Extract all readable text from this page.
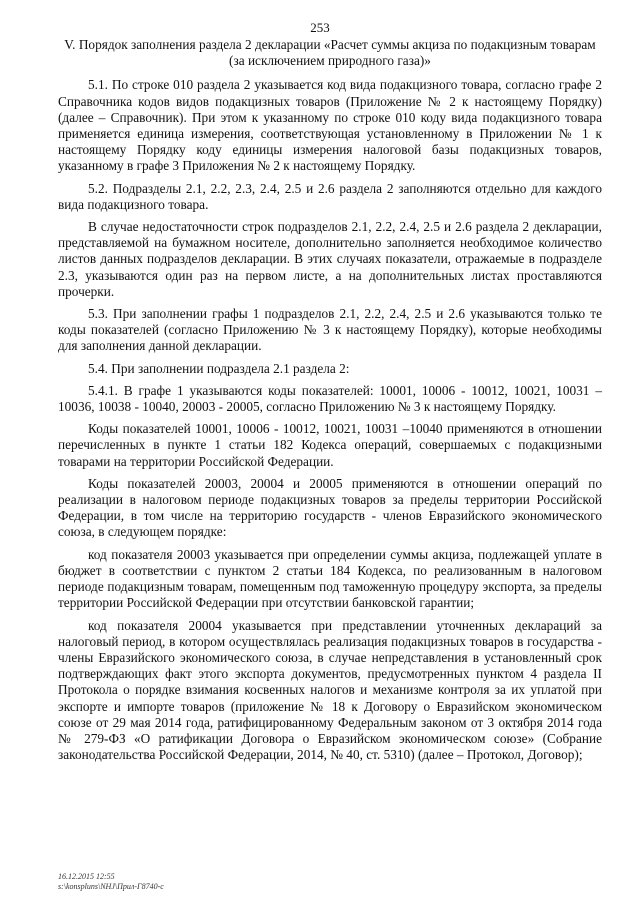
253

V. Порядок заполнения раздела 2 декларации «Расчет суммы акциза по подакцизным товарам (за исключением природного газа)»

5.1. По строке 010 раздела 2 указывается код вида подакцизного товара, согласно графе 2 Справочника кодов видов подакцизных товаров (Приложение № 2 к настоящему Порядку) (далее – Справочник). При этом к указанному по строке 010 коду вида подакцизного товара применяется единица измерения, соответствующая установленному в Приложении № 1 к настоящему Порядку коду единицы измерения налоговой базы подакцизных товаров, указанному в графе 3 Приложения № 2 к настоящему Порядку.

5.2. Подразделы 2.1, 2.2, 2.3, 2.4, 2.5 и 2.6 раздела 2 заполняются отдельно для каждого вида подакцизного товара.

В случае недостаточности строк подразделов 2.1, 2.2, 2.4, 2.5 и 2.6 раздела 2 декларации, представляемой на бумажном носителе, дополнительно заполняется необходимое количество листов данных подразделов декларации. В этих случаях показатели, отражаемые в подразделе 2.3, указываются один раз на первом листе, а на дополнительных листах проставляются прочерки.

5.3. При заполнении графы 1 подразделов 2.1, 2.2, 2.4, 2.5 и 2.6 указываются только те коды показателей (согласно Приложению № 3 к настоящему Порядку), которые необходимы для заполнения данной декларации.

5.4. При заполнении подраздела 2.1 раздела 2:

5.4.1. В графе 1 указываются коды показателей: 10001, 10006 - 10012, 10021, 10031 – 10036, 10038 - 10040, 20003 - 20005, согласно Приложению № 3 к настоящему Порядку.

Коды показателей 10001, 10006 - 10012, 10021, 10031 –10040 применяются в отношении перечисленных в пункте 1 статьи 182 Кодекса операций, совершаемых с подакцизными товарами на территории Российской Федерации.

Коды показателей 20003, 20004 и 20005 применяются в отношении операций по реализации в налоговом периоде подакцизных товаров за пределы территории Российской Федерации, в том числе на территорию государств - членов Евразийского экономического союза, в следующем порядке:

код показателя 20003 указывается при определении суммы акциза, подлежащей уплате в бюджет в соответствии с пунктом 2 статьи 184 Кодекса, по реализованным в налоговом периоде подакцизным товарам, помещенным под таможенную процедуру экспорта, за пределы территории Российской Федерации при отсутствии банковской гарантии;

код показателя 20004 указывается при представлении уточненных деклараций за налоговый период, в котором осуществлялась реализация подакцизных товаров в государства - члены Евразийского экономического союза, в случае непредставления в установленный срок подтверждающих факт этого экспорта документов, предусмотренных пунктом 4 раздела II Протокола о порядке взимания косвенных налогов и механизме контроля за их уплатой при экспорте и импорте товаров (приложение № 18 к Договору о Евразийском экономическом союзе от 29 мая 2014 года, ратифицированному Федеральным законом от 3 октября 2014 года № 279-ФЗ «О ратификации Договора о Евразийском экономическом союзе» (Собрание законодательства Российской Федерации, 2014, № 40, ст. 5310) (далее – Протокол, Договор);

16.12.2015 12:55
s:\konspluns\NHJ\Прил-Г8740-с
